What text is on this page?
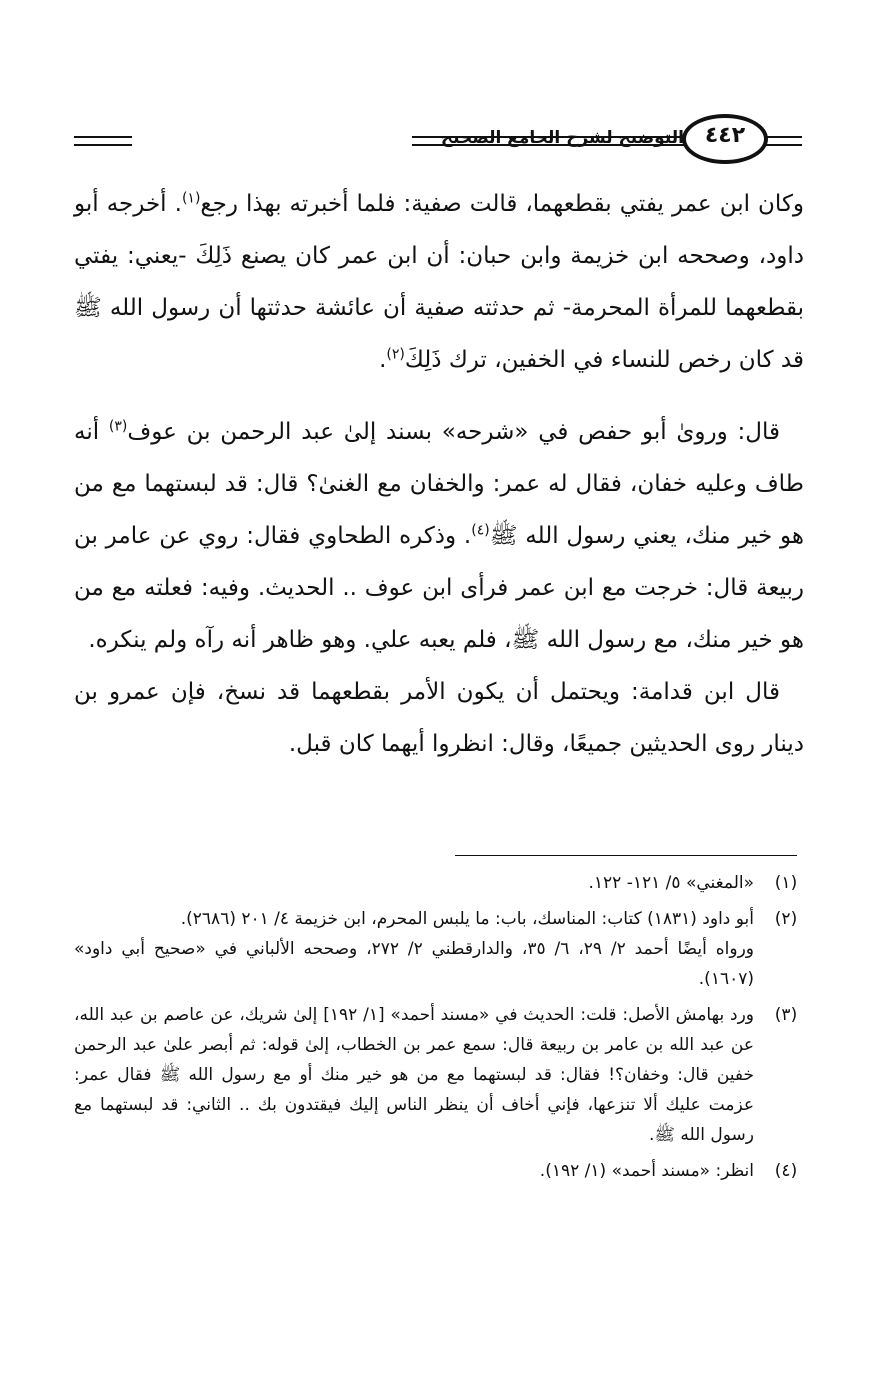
التوضيح لشرح الجامع الصحيح ٤٤٢

وكان ابن عمر يفتي بقطعهما، قالت صفية: فلما أخبرته بهذا رجع$^{(١)}$. أخرجه أبو داود، وصححه ابن خزيمة وابن حبان: أن ابن عمر كان يصنع ذَلِكَ -يعني: يفتي بقطعهما للمرأة المحرمة- ثم حدثته صفية أن عائشة حدثتها أن رسول الله ﷺ قد كان رخص للنساء في الخفين، ترك ذَلِكَ$^{(٢)}$.

قال: وروىٰ أبو حفص في «شرحه» بسند إلىٰ عبد الرحمن بن عوف$^{(٣)}$ أنه طاف وعليه خفان، فقال له عمر: والخفان مع الغنىٰ؟ قال: قد لبستهما مع من هو خير منك، يعني رسول الله ﷺ$^{(٤)}$. وذكره الطحاوي فقال: روي عن عامر بن ربيعة قال: خرجت مع ابن عمر فرأى ابن عوف .. الحديث. وفيه: فعلته مع من هو خير منك، مع رسول الله ﷺ، فلم يعبه علي. وهو ظاهر أنه رآه ولم ينكره.

قال ابن قدامة: ويحتمل أن يكون الأمر بقطعهما قد نسخ، فإن عمرو بن دينار روى الحديثين جميعًا، وقال: انظروا أيهما كان قبل.

(١)
«المغني» ٥/ ١٢١- ١٢٢.
(٢)
أبو داود (١٨٣١) كتاب: المناسك، باب: ما يلبس المحرم، ابن خزيمة ٤/ ٢٠١ (٢٦٨٦).
ورواه أيضًا أحمد ٢/ ٢٩، ٦/ ٣٥، والدارقطني ٢/ ٢٧٢، وصححه الألباني في «صحيح أبي داود» (١٦٠٧).
(٣)
ورد بهامش الأصل: قلت: الحديث في «مسند أحمد» [١/ ١٩٢] إلىٰ شريك، عن عاصم بن عبد الله، عن عبد الله بن عامر بن ربيعة قال: سمع عمر بن الخطاب، إلىٰ قوله: ثم أبصر علىٰ عبد الرحمن خفين قال: وخفان؟! فقال: قد لبستهما مع من هو خير منك أو مع رسول الله ﷺ فقال عمر: عزمت عليك ألا تنزعها، فإني أخاف أن ينظر الناس إليك فيقتدون بك .. الثاني: قد لبستهما مع رسول الله ﷺ.
(٤)
انظر: «مسند أحمد» (١/ ١٩٢).
